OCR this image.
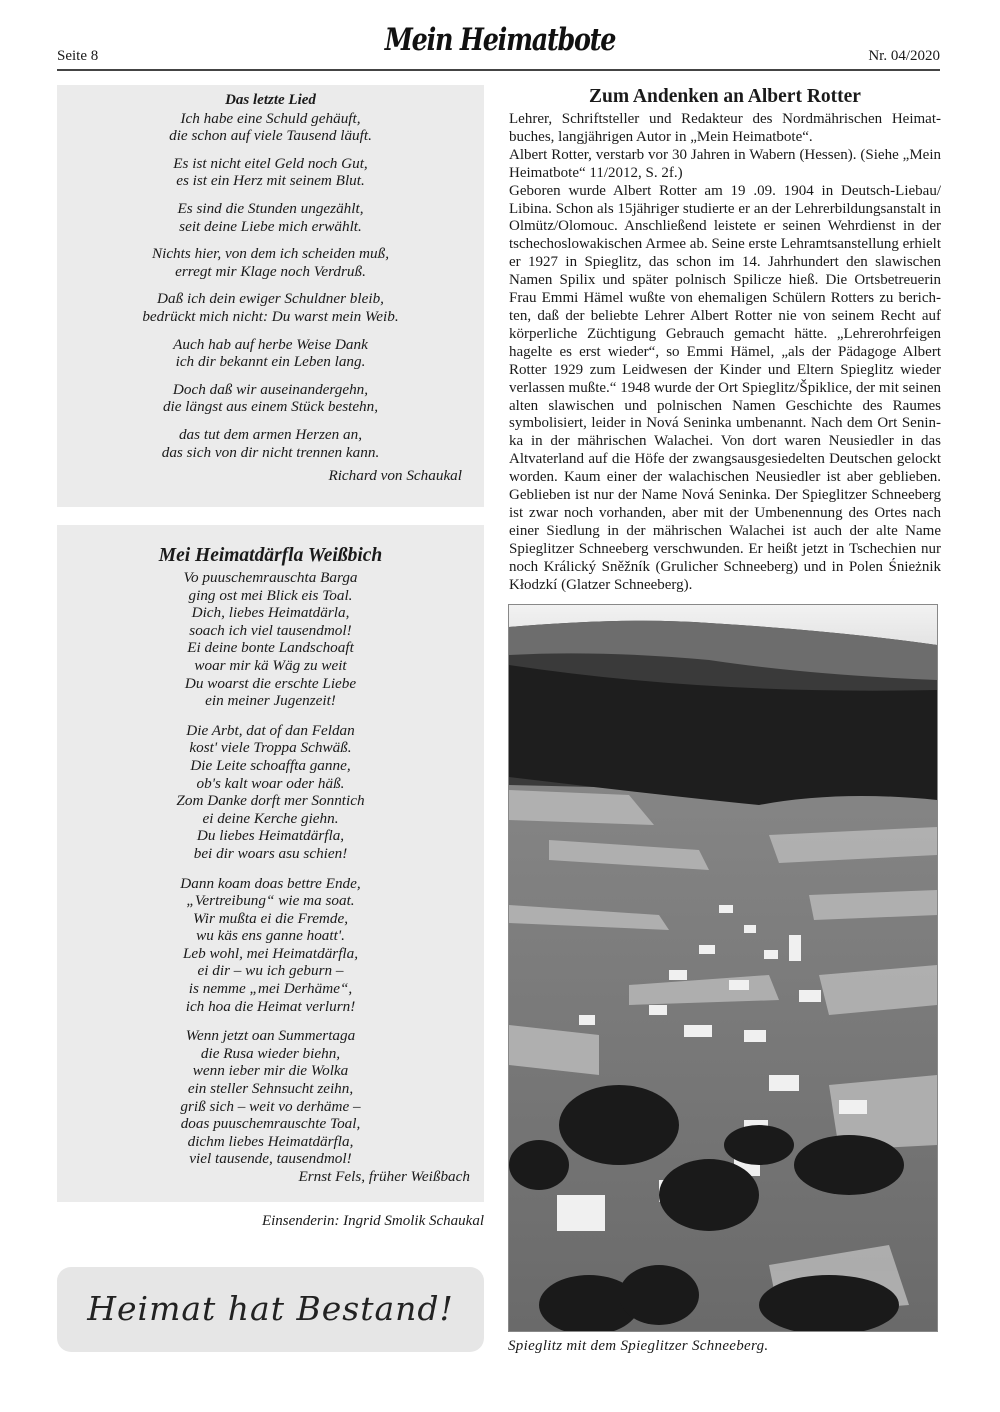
Seite 8	Mein Heimatbote	Nr. 04/2020
Das letzte Lied
Ich habe eine Schuld gehäuft,
die schon auf viele Tausend läuft.
Es ist nicht eitel Geld noch Gut,
es ist ein Herz mit seinem Blut.
Es sind die Stunden ungezählt,
seit deine Liebe mich erwählt.
Nichts hier, von dem ich scheiden muß,
erregt mir Klage noch Verdruß.
Daß ich dein ewiger Schuldner bleib,
bedrückt mich nicht: Du warst mein Weib.
Auch hab auf herbe Weise Dank
ich dir bekannt ein Leben lang.
Doch daß wir auseinandergehn,
die längst aus einem Stück bestehn,
das tut dem armen Herzen an,
das sich von dir nicht trennen kann.
Richard von Schaukal
Mei Heimatdärfla Weißbich
Vo puuschemrauschta Barga
ging ost mei Blick eis Toal.
Dich, liebes Heimatdärla,
soach ich viel tausendmol!
Ei deine bonte Landschoaft
woar mir kä Wäg zu weit
Du woarst die erschte Liebe
ein meiner Jugenzeit!
Die Arbt, dat of dan Feldan
kost' viele Troppa Schwäß.
Die Leite schoaffta ganne,
ob's kalt woar oder häß.
Zom Danke dorft mer Sonntich
ei deine Kerche giehn.
Du liebes Heimatdärfla,
bei dir woars asu schien!
Dann koam doas bettre Ende,
„Vertreibung“ wie ma soat.
Wir mußta ei die Fremde,
wu käs ens ganne hoatt'.
Leb wohl, mei Heimatdärfla,
ei dir – wu ich geburn –
is nemme „mei Derhäme“,
ich hoa die Heimat verlurn!
Wenn jetzt oan Summertaga
die Rusa wieder biehn,
wenn ieber mir die Wolka
ein steller Sehnsucht zeihn,
griß sich – weit vo derhäme –
doas puuschemrauschte Toal,
dichm liebes Heimatdärfla,
viel tausende, tausendmol!
Ernst Fels, früher Weißbach
Einsenderin: Ingrid Smolik Schaukal
Heimat hat Bestand!
Zum Andenken an Albert Rotter

Lehrer, Schriftsteller und Redakteur des Nordmährischen Heimatbuches, langjährigen Autor in „Mein Heimatbote“.

Albert Rotter, verstarb vor 30 Jahren in Wabern (Hessen). (Siehe „Mein Heimatbote“ 11/2012, S. 2f.)

Geboren wurde Albert Rotter am 19 .09. 1904 in Deutsch-Liebau/ Libina. Schon als 15jähriger studierte er an der Lehrerbildungsanstalt in Olmütz/Olomouc. Anschließend leistete er seinen Wehrdienst in der tschechoslowakischen Armee ab. Seine erste Lehramtsanstellung erhielt er 1927 in Spieglitz, das schon im 14. Jahrhundert den slawischen Namen Spilix und später polnisch Spilicze hieß. Die Ortsbetreuerin Frau Emmi Hämel wußte von ehemaligen Schülern Rotters zu berichten, daß der beliebte Lehrer Albert Rotter nie von seinem Recht auf körperliche Züchtigung Gebrauch gemacht hätte. „Lehrerohrfeigen hagelte es erst wieder“, so Emmi Hämel, „als der Pädagoge Albert Rotter 1929 zum Leidwesen der Kinder und Eltern Spieglitz wieder verlassen mußte.“ 1948 wurde der Ort Spieglitz/Špiklice, der mit seinen alten slawischen und polnischen Namen Geschichte des Raumes symbolisiert, leider in Nová Seninka umbenannt. Nach dem Ort Seninka in der mährischen Walachei. Von dort waren Neusiedler in das Altvaterland auf die Höfe der zwangsausgesiedelten Deutschen gelockt worden. Kaum einer der walachischen Neusiedler ist aber geblieben. Geblieben ist nur der Name Nová Seninka. Der Spieglitzer Schneeberg ist zwar noch vorhanden, aber mit der Umbenennung des Ortes nach einer Siedlung in der mährischen Walachei ist auch der alte Name Spieglitzer Schneeberg verschwunden. Er heißt jetzt in Tschechien nur noch Králický Sněžník (Grulicher Schneeberg) und in Polen Śnieżnik Kłodzkí (Glatzer Schneeberg).

Spieglitz mit dem Spieglitzer Schneeberg.
